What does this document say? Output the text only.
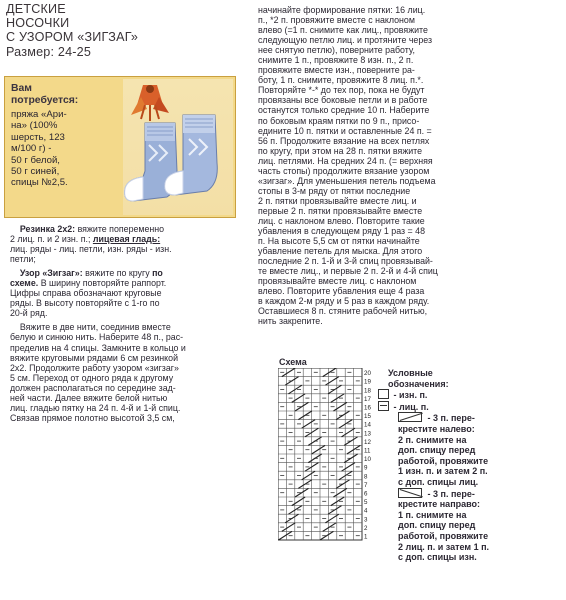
ДЕТСКИЕ
НОСОЧКИ
С УЗОРОМ «ЗИГЗАГ»
Размер: 24-25
Вам
потребуется:
пряжа «Ари-
на» (100%
шерсть, 123
м/100 г) -
50 г белой,
50 г синей,
спицы №2,5.
Резинка 2х2: вяжите попеременно
2 лиц. п. и 2 изн. п.; лицевая гладь:
лиц. ряды - лиц. петли, изн. ряды - изн.
петли;
Узор «Зигзаг»: вяжите по кругу по
схеме. В ширину повторяйте раппорт.
Цифры справа обозначают круговые
ряды. В высоту повторяйте с 1-го по
20-й ряд.
Вяжите в две нити, соединив вместе
белую и синюю нить. Наберите 48 п., рас-
пределив на 4 спицы. Замкните в кольцо и
вяжите круговыми рядами 6 см резинкой
2х2. Продолжите работу узором «зигзаг»
5 см. Переход от одного ряда к другому
должен располагаться по середине зад-
ней части. Далее вяжите белой нитью
лиц. гладью пятку на 24 п. 4-й и 1-й спиц.
Связав прямое полотно высотой 3,5 см,
начинайте формирование пятки: 16 лиц.
п., *2 п. провяжите вместе с наклоном
влево (=1 п. снимите как лиц., провяжите
следующую петлю лиц. и протяните через
нее снятую петлю), поверните работу,
снимите 1 п., провяжите 8 изн. п., 2 п.
провяжите вместе изн., поверните ра-
боту, 1 п. снимите, провяжите 8 лиц. п.*.
Повторяйте *-* до тех пор, пока не будут
провязаны все боковые петли и в работе
останутся только средние 10 п. Наберите
по боковым краям пятки по 9 п., присо-
едините 10 п. пятки и оставленные 24 п. =
56 п. Продолжите вязание на всех петлях
по кругу, при этом на 28 п. пятки вяжите
лиц. петлями. На средних 24 п. (= верхняя
часть стопы) продолжите вязание узором
«зигзаг». Для уменьшения петель подъема
стопы в 3-м ряду от пятки последние
2 п. пятки провязывайте вместе лиц. и
первые 2 п. пятки провязывайте вместе
лиц. с наклоном влево. Повторите такие
убавления в следующем ряду 1 раз = 48
п. На высоте 5,5 см от пятки начинайте
убавление петель для мыска. Для этого
последние 2 п. 1-й и 3-й спиц провязывай-
те вместе лиц., и первые 2 п. 2-й и 4-й спиц
провязывайте вместе лиц. с наклоном
влево. Повторите убавления еще 4 раза
в каждом 2-м ряду и 5 раз в каждом ряду.
Оставшиеся 8 п. стяните рабочей нитью,
нить закрепите.
Схема
20
19
18
17
16
15
14
13
12
11
10
9
8
7
6
5
4
3
2
1
Условные
обозначения:
- изн. п.
- лиц. п.
- 3 п. пере-
крестите налево:
2 п. снимите на
доп. спицу перед
работой, провяжите
1 изн. п. и затем 2 п.
с доп. спицы лиц.
- 3 п. пере-
крестите направо:
1 п. снимите на
доп. спицу перед
работой, провяжите
2 лиц. п. и затем 1 п.
с доп. спицы изн.
